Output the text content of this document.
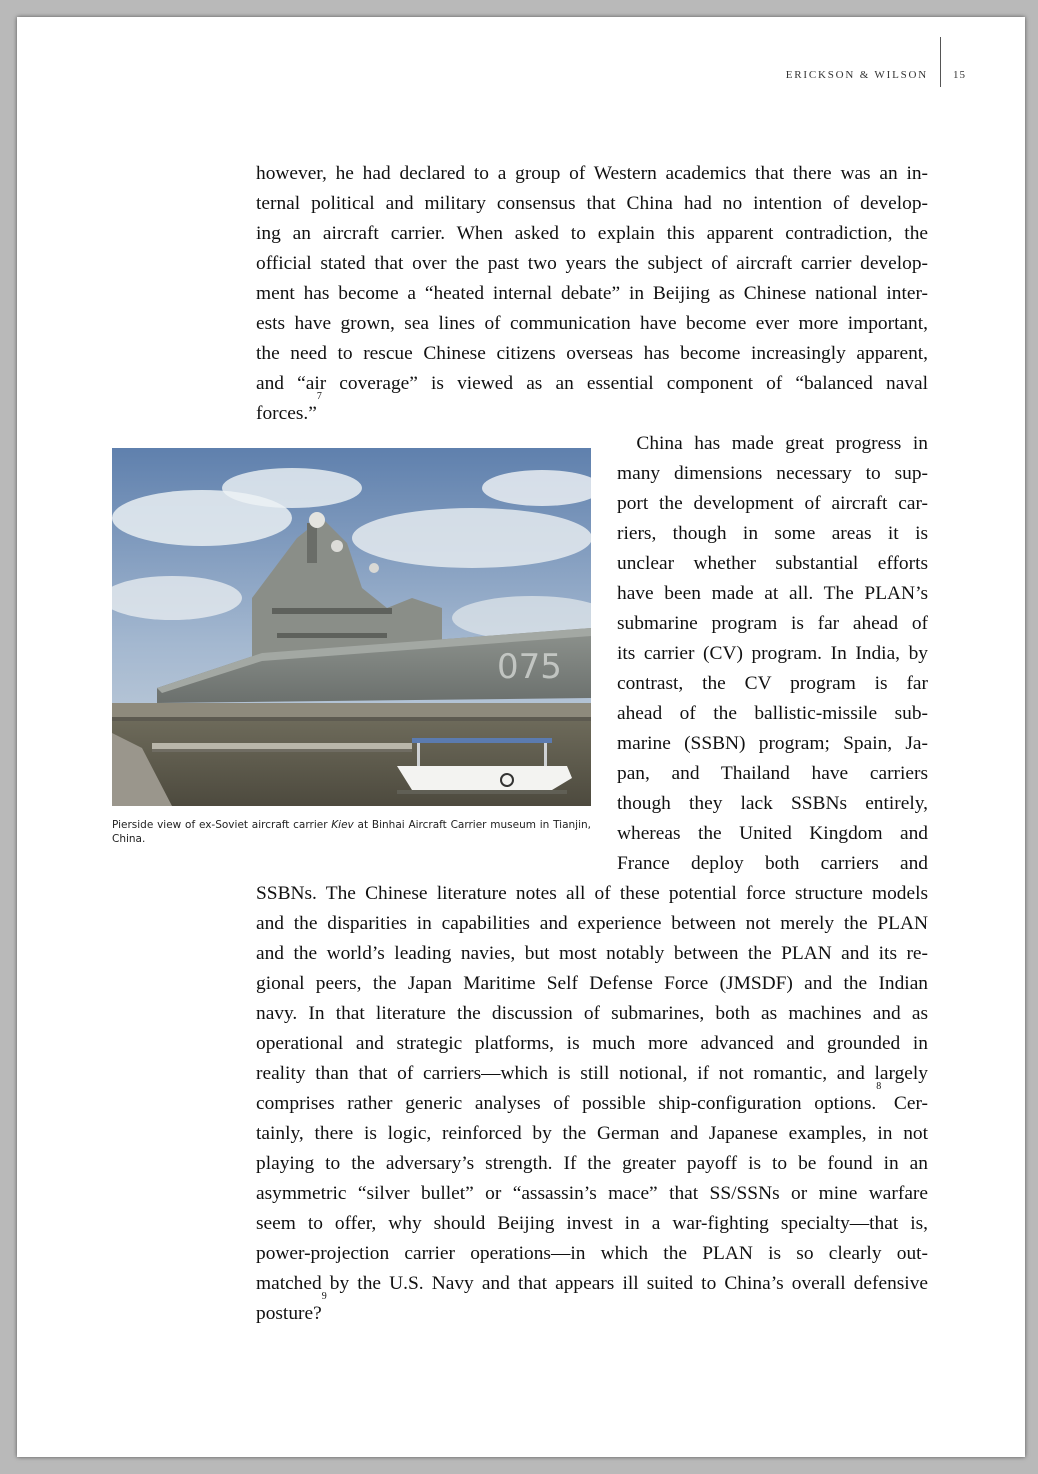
ERICKSON & WILSON 15
however, he had declared to a group of Western academics that there was an in-
ternal political and military consensus that China had no intention of develop-
ing an aircraft carrier. When asked to explain this apparent contradiction, the
official stated that over the past two years the subject of aircraft carrier develop-
ment has become a “heated internal debate” in Beijing as Chinese national inter-
ests have grown, sea lines of communication have become ever more important,
the need to rescue Chinese citizens overseas has become increasingly apparent,
and “air coverage” is viewed as an essential component of “balanced naval
forces.”$^7$
075
Pierside view of ex-Soviet aircraft carrier Kiev at Binhai Aircraft Carrier museum in Tianjin, China.
 China has made great progress in
many dimensions necessary to sup-
port the development of aircraft car-
riers, though in some areas it is
unclear whether substantial efforts
have been made at all. The PLAN’s
submarine program is far ahead of
its carrier (CV) program. In India, by
contrast, the CV program is far
ahead of the ballistic-missile sub-
marine (SSBN) program; Spain, Ja-
pan, and Thailand have carriers
though they lack SSBNs entirely,
whereas the United Kingdom and
France deploy both carriers and
SSBNs. The Chinese literature notes all of these potential force structure models
and the disparities in capabilities and experience between not merely the PLAN
and the world’s leading navies, but most notably between the PLAN and its re-
gional peers, the Japan Maritime Self Defense Force (JMSDF) and the Indian
navy. In that literature the discussion of submarines, both as machines and as
operational and strategic platforms, is much more advanced and grounded in
reality than that of carriers—which is still notional, if not romantic, and largely
comprises rather generic analyses of possible ship-configuration options.$^8$ Cer-
tainly, there is logic, reinforced by the German and Japanese examples, in not
playing to the adversary’s strength. If the greater payoff is to be found in an
asymmetric “silver bullet” or “assassin’s mace” that SS/SSNs or mine warfare
seem to offer, why should Beijing invest in a war-fighting specialty—that is,
power-projection carrier operations—in which the PLAN is so clearly out-
matched by the U.S. Navy and that appears ill suited to China’s overall defensive
posture?$^9$
